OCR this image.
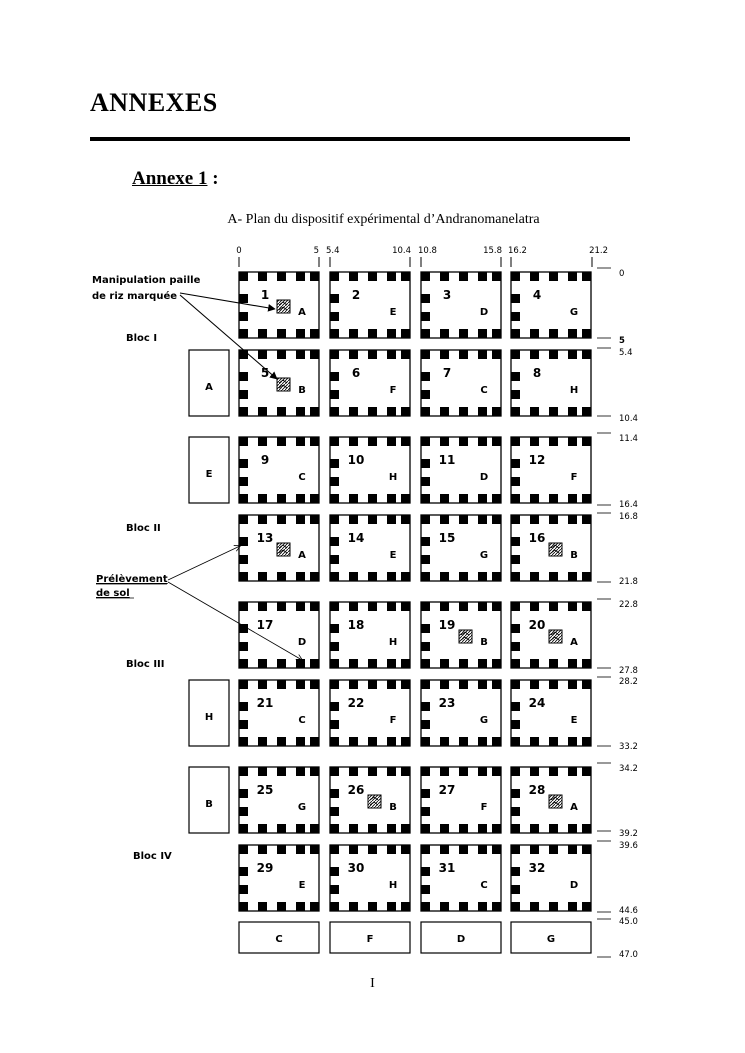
ANNEXES
Annexe 1 :
A- Plan du dispositif expérimental d’Andranomanelatra
1
A
2
E
3
D
4
G
5
B
6
F
7
C
8
H
9
C
10
H
11
D
12
F
13
A
14
E
15
G
16
B
17
D
18
H
19
B
20
A
21
C
22
F
23
G
24
E
25
G
26
B
27
F
28
A
29
E
30
H
31
C
32
D
A
E
H
B
C	F	D	G
0	5 5.4	10.4 10.8	15.8 16.2	21.2
0
5
5.4
10.4
11.4
16.4
16.8
21.8
22.8
27.8
28.2
33.2
34.2
39.2
39.6
44.6
45.0
47.0
Bloc I
Bloc II
Bloc III
Bloc IV
Manipulation paille
de riz marquée
Prélèvement
de sol
I
